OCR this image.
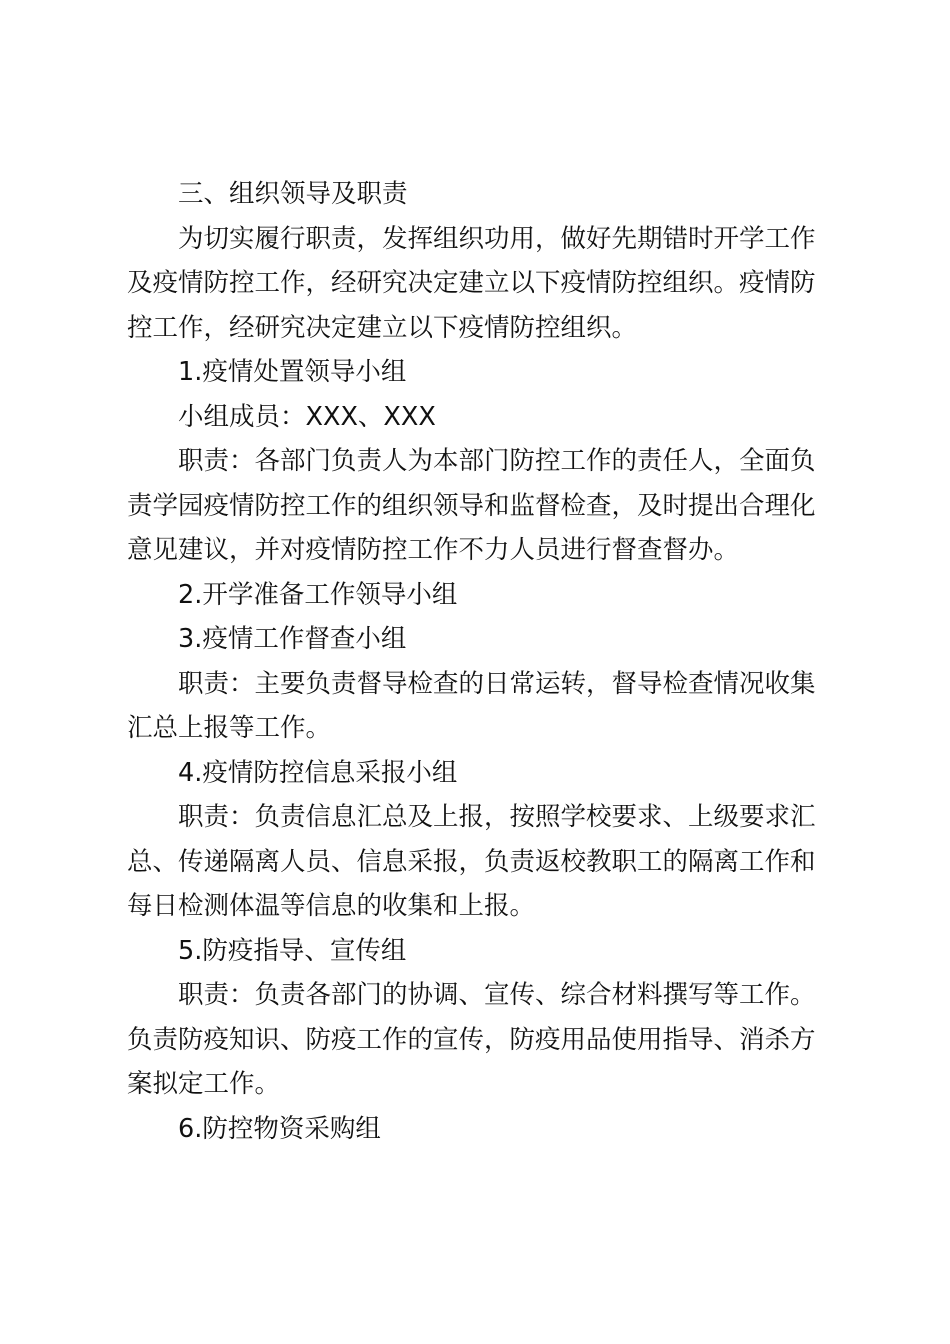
三、组织领导及职责
为切实履行职责，发挥组织功用，做好先期错时开学工作
及疫情防控工作，经研究决定建立以下疫情防控组织。疫情防
控工作，经研究决定建立以下疫情防控组织。
1.疫情处置领导小组
小组成员：XXX、XXX
职责：各部门负责人为本部门防控工作的责任人，全面负
责学园疫情防控工作的组织领导和监督检查，及时提出合理化
意见建议，并对疫情防控工作不力人员进行督查督办。
2.开学准备工作领导小组
3.疫情工作督查小组
职责：主要负责督导检查的日常运转，督导检查情况收集
汇总上报等工作。
4.疫情防控信息采报小组
职责：负责信息汇总及上报，按照学校要求、上级要求汇
总、传递隔离人员、信息采报，负责返校教职工的隔离工作和
每日检测体温等信息的收集和上报。
5.防疫指导、宣传组
职责：负责各部门的协调、宣传、综合材料撰写等工作。
负责防疫知识、防疫工作的宣传，防疫用品使用指导、消杀方
案拟定工作。
6.防控物资采购组
